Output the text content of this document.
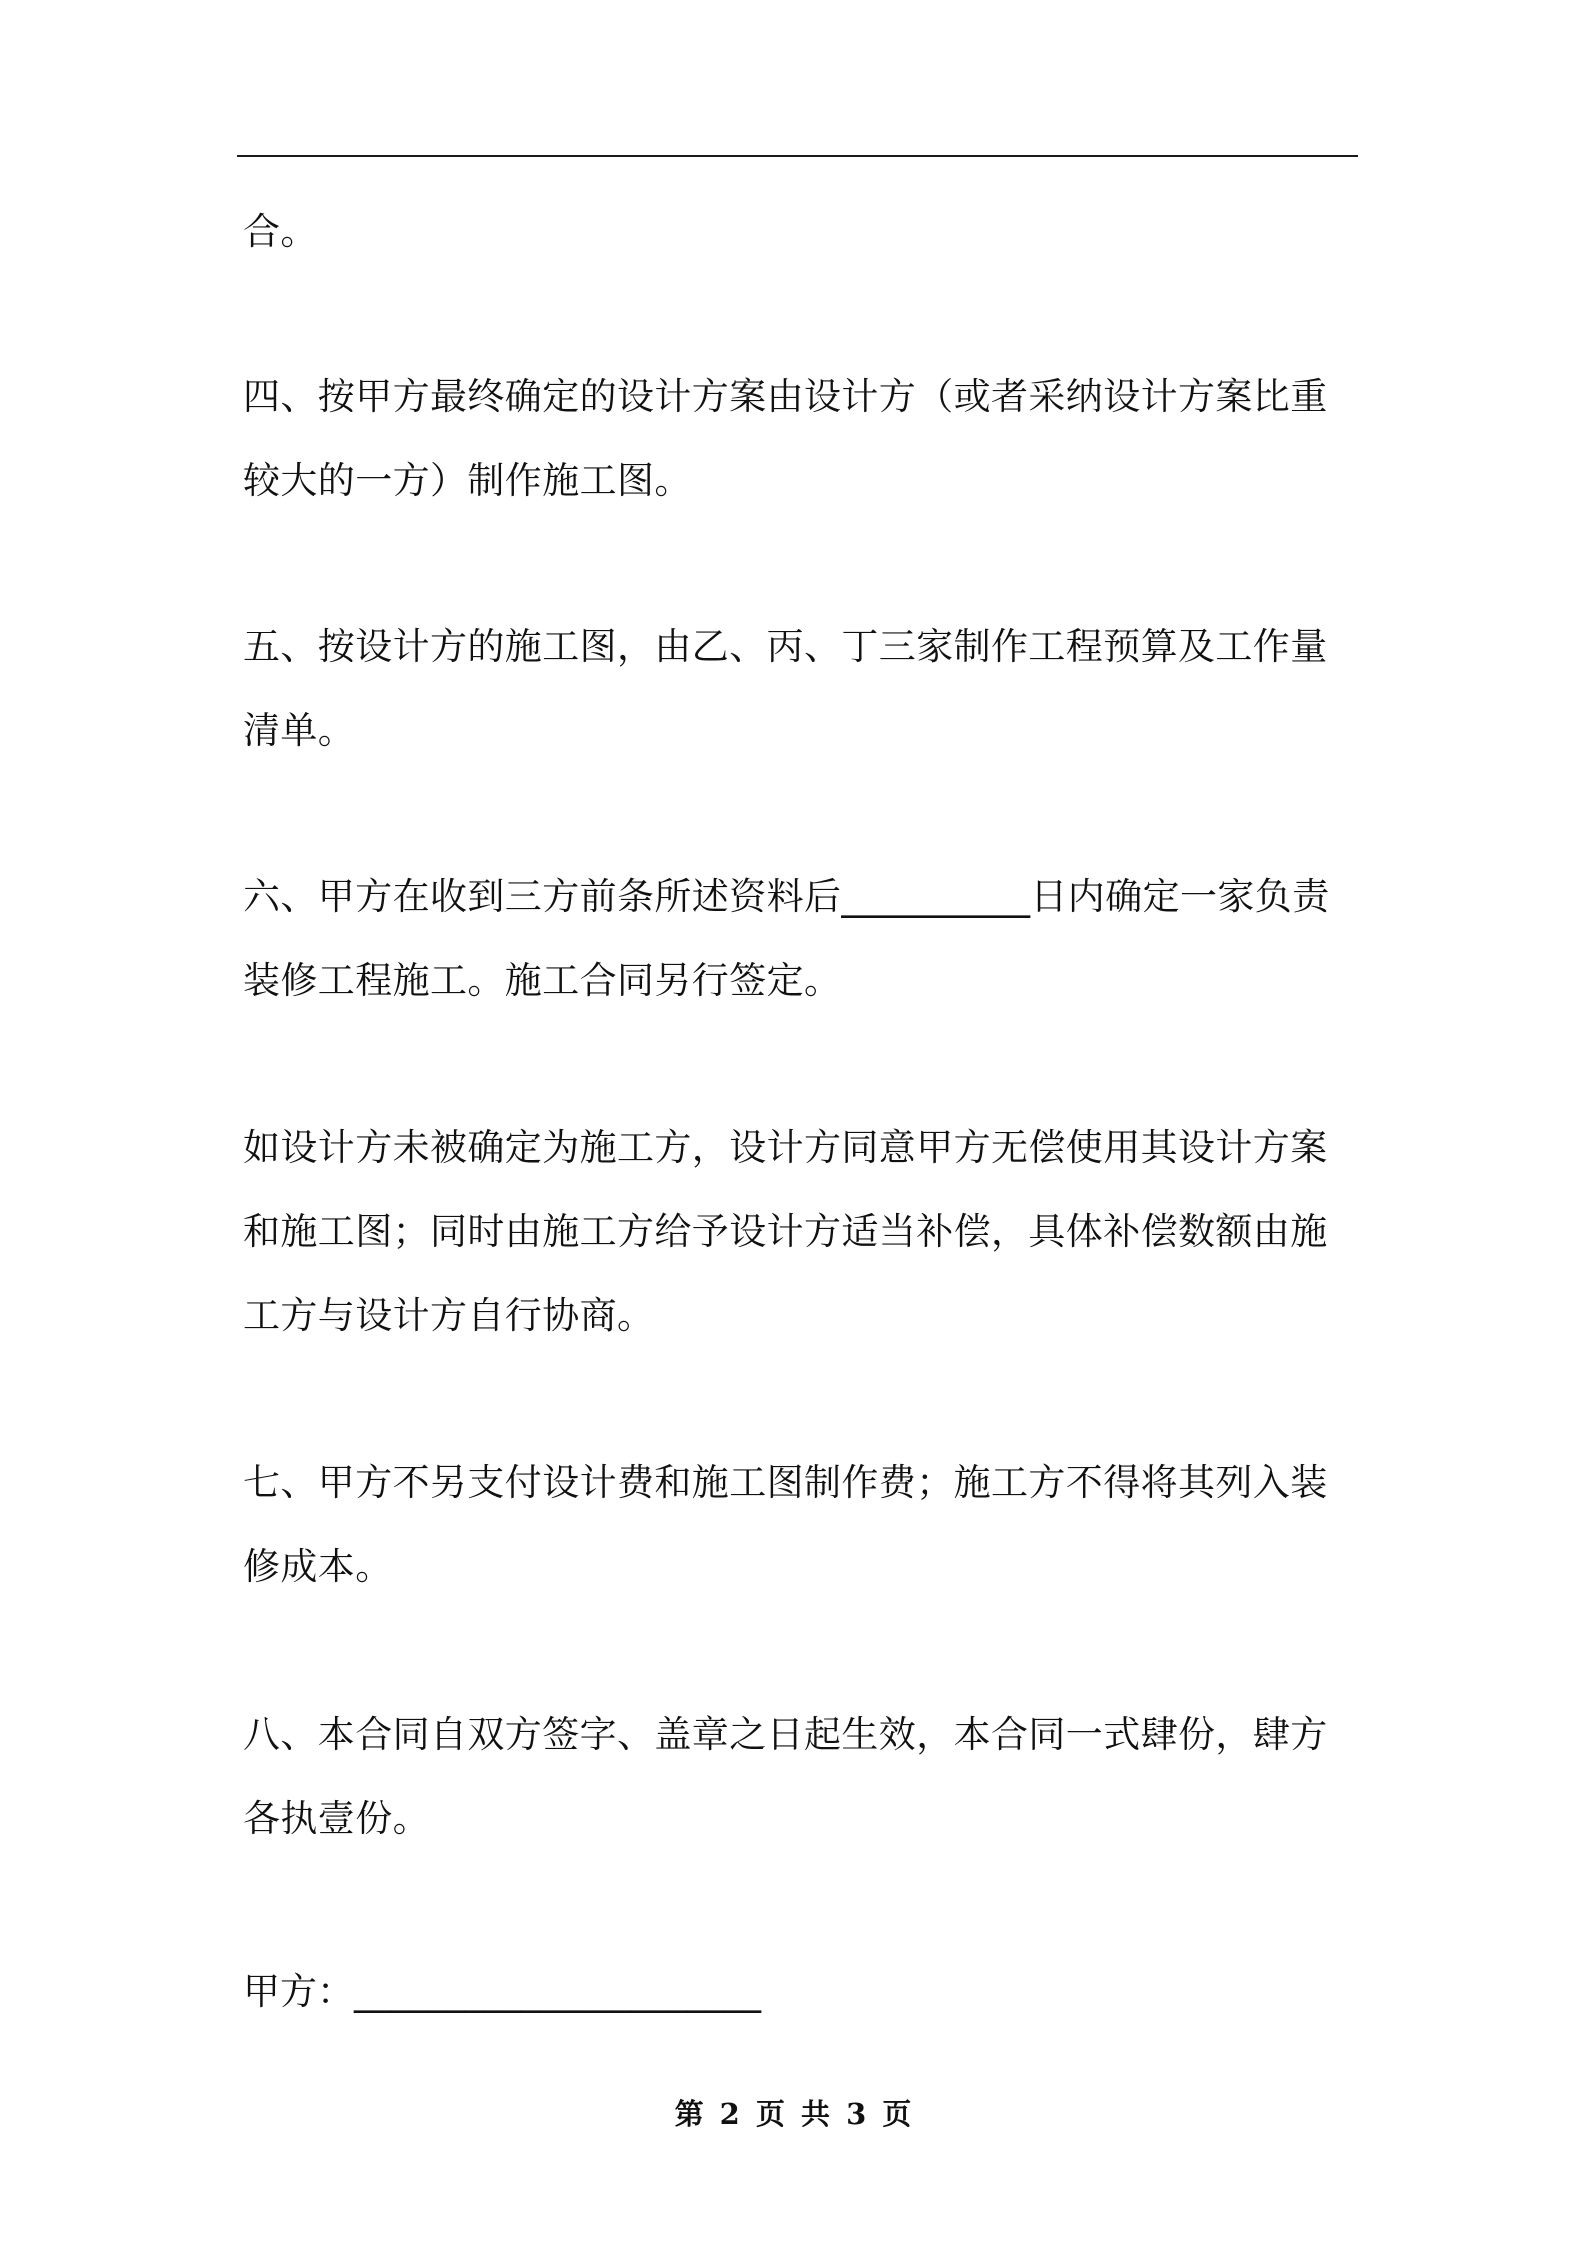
合。

四、按甲方最终确定的设计方案由设计方（或者采纳设计方案比重较大的一方）制作施工图。

五、按设计方的施工图，由乙、丙、丁三家制作工程预算及工作量清单。

六、甲方在收到三方前条所述资料后__________日内确定一家负责装修工程施工。施工合同另行签定。

如设计方未被确定为施工方，设计方同意甲方无偿使用其设计方案和施工图；同时由施工方给予设计方适当补偿，具体补偿数额由施工方与设计方自行协商。

七、甲方不另支付设计费和施工图制作费；施工方不得将其列入装修成本。

八、本合同自双方签字、盖章之日起生效，本合同一式肆份，肆方各执壹份。

甲方：______________________

第 2 页 共 3 页
